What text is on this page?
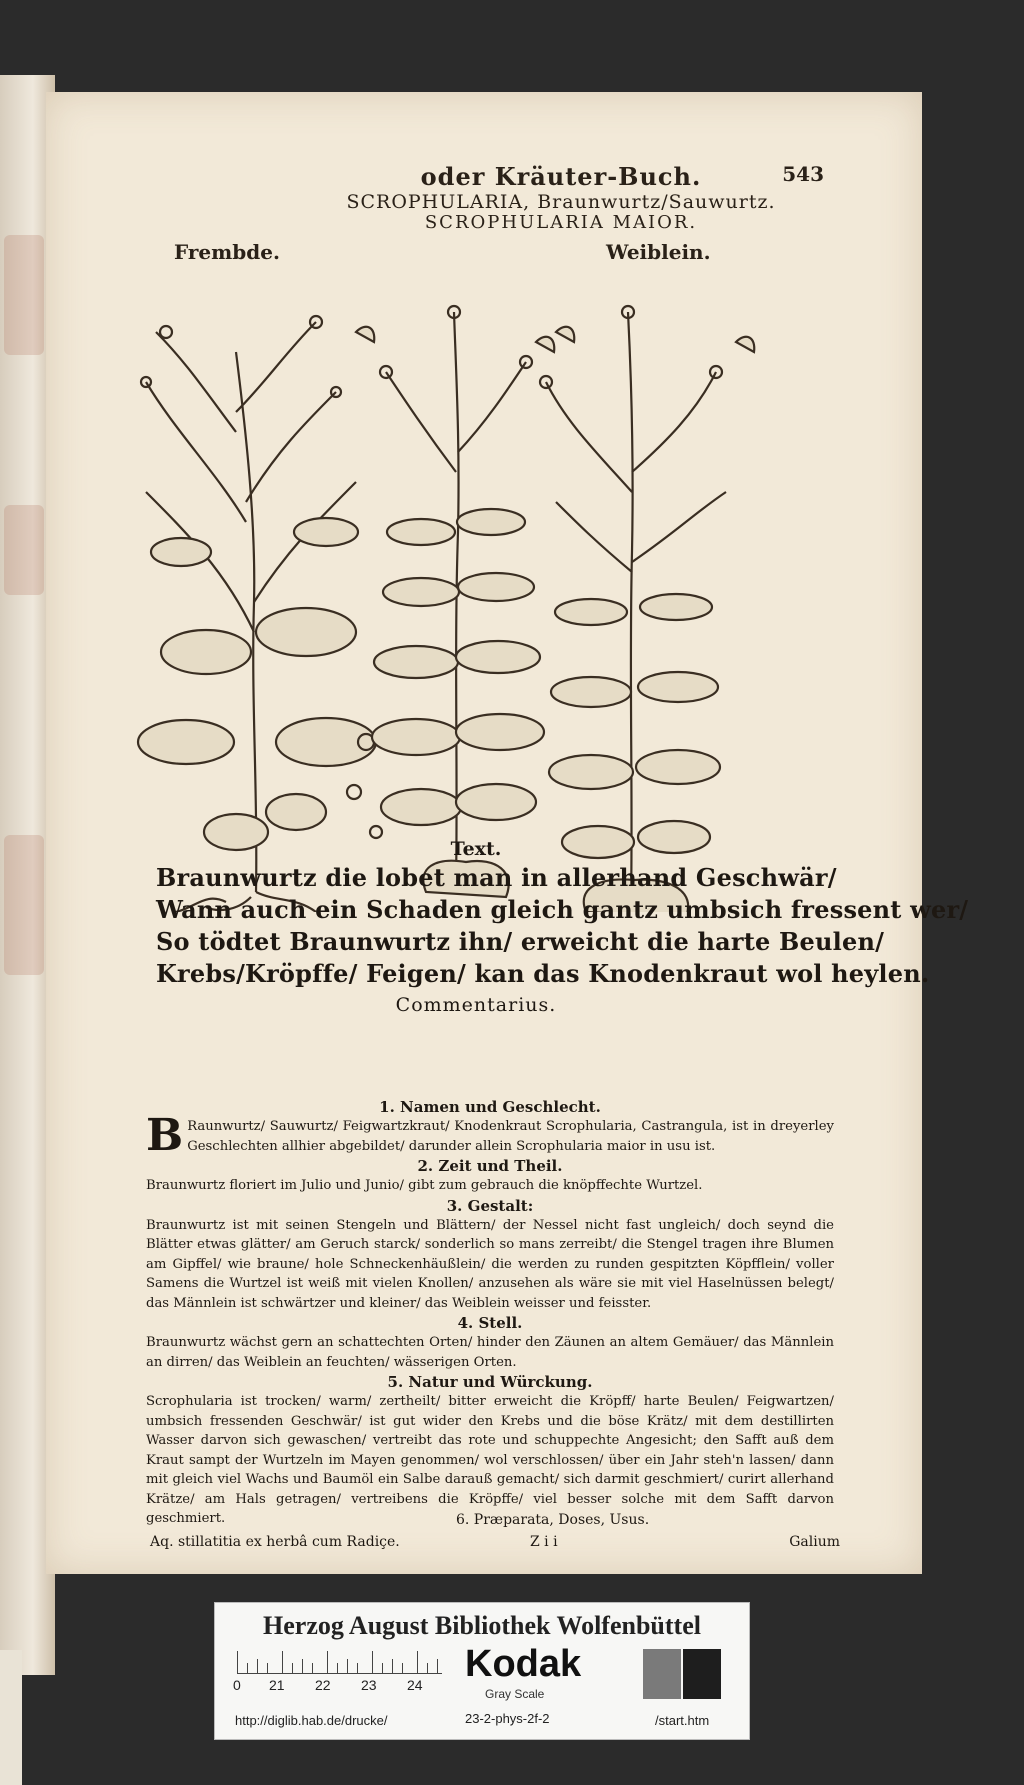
oder Kräuter-Buch.	543
SCROPHULARIA, Braunwurtz/Sauwurtz.
SCROPHULARIA MAIOR.
Frembde.	Weiblein.
Text.
Braunwurtz die lobet man in allerhand Geschwär/
Wann auch ein Schaden gleich gantz umbsich fressent wer/
So tödtet Braunwurtz ihn/ erweicht die harte Beulen/
Krebs/Kröpffe/ Feigen/ kan das Knodenkraut wol heylen.
Commentarius.
1. Namen und Geschlecht.

B Raunwurtz/ Sauwurtz/ Feigwartzkraut/ Knodenkraut Scrophularia, Castrangula, ist in dreyerley Geschlechten allhier abgebildet/ darunder allein Scrophularia maior in usu ist.

2. Zeit und Theil.

Braunwurtz floriert im Julio und Junio/ gibt zum gebrauch die knöpffechte Wurtzel.

3. Gestalt:

Braunwurtz ist mit seinen Stengeln und Blättern/ der Nessel nicht fast ungleich/ doch seynd die Blätter etwas glätter/ am Geruch starck/ sonderlich so mans zerreibt/ die Stengel tragen ihre Blumen am Gipffel/ wie braune/ hole Schneckenhäußlein/ die werden zu runden gespitzten Köpfflein/ voller Samens die Wurtzel ist weiß mit vielen Knollen/ anzusehen als wäre sie mit viel Haselnüssen belegt/ das Männlein ist schwärtzer und kleiner/ das Weiblein weisser und feisster.

4. Stell.

Braunwurtz wächst gern an schattechten Orten/ hinder den Zäunen an altem Gemäuer/ das Männlein an dirren/ das Weiblein an feuchten/ wässerigen Orten.

5. Natur und Würckung.

Scrophularia ist trocken/ warm/ zertheilt/ bitter erweicht die Kröpff/ harte Beulen/ Feigwartzen/ umbsich fressenden Geschwär/ ist gut wider den Krebs und die böse Krätz/ mit dem destillirten Wasser darvon sich gewaschen/ vertreibt das rote und schuppechte Angesicht; den Safft auß dem Kraut sampt der Wurtzeln im Mayen genommen/ wol verschlossen/ über ein Jahr steh'n lassen/ dann mit gleich viel Wachs und Baumöl ein Salbe darauß gemacht/ sich darmit geschmiert/ curirt allerhand Krätze/ am Hals getragen/ vertreibens die Kröpffe/ viel besser solche mit dem Safft darvon geschmiert.	6. Præparata, Doses, Usus.
Aq. stillatitia ex herbâ cum Radiçe.	Z i i	Galium
Herzog August Bibliothek Wolfenbüttel
0 21 22 23 24 Kodak
Gray Scale
http://diglib.hab.de/drucke/	23-2-phys-2f-2	/start.htm
